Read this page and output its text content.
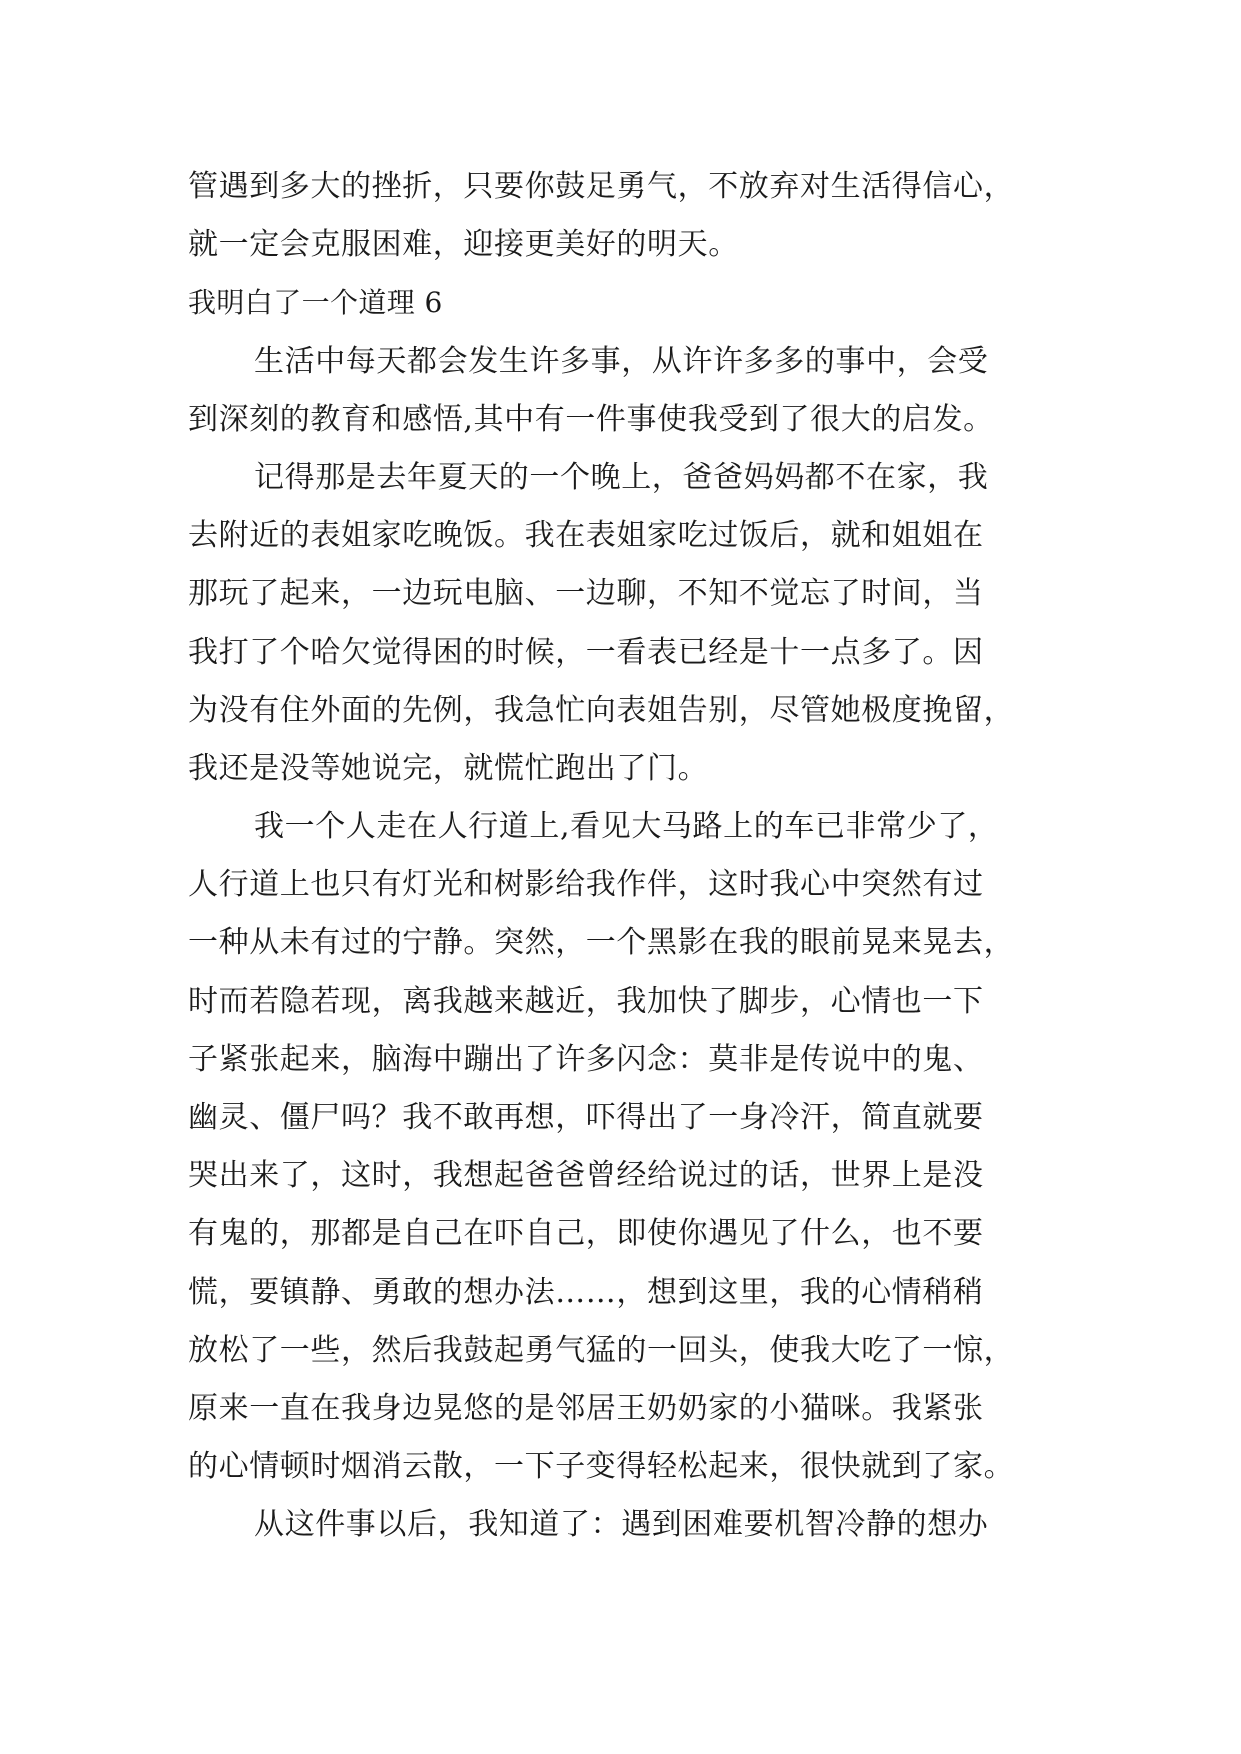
管遇到多大的挫折，只要你鼓足勇气，不放弃对生活得信心，
就一定会克服困难，迎接更美好的明天。
我明白了一个道理 6
生活中每天都会发生许多事，从许许多多的事中，会受
到深刻的教育和感悟,其中有一件事使我受到了很大的启发。
记得那是去年夏天的一个晚上，爸爸妈妈都不在家，我
去附近的表姐家吃晚饭。我在表姐家吃过饭后，就和姐姐在
那玩了起来，一边玩电脑、一边聊，不知不觉忘了时间，当
我打了个哈欠觉得困的时候，一看表已经是十一点多了。因
为没有住外面的先例，我急忙向表姐告别，尽管她极度挽留，
我还是没等她说完，就慌忙跑出了门。
我一个人走在人行道上,看见大马路上的车已非常少了，
人行道上也只有灯光和树影给我作伴，这时我心中突然有过
一种从未有过的宁静。突然，一个黑影在我的眼前晃来晃去，
时而若隐若现，离我越来越近，我加快了脚步，心情也一下
子紧张起来，脑海中蹦出了许多闪念：莫非是传说中的鬼、
幽灵、僵尸吗？我不敢再想，吓得出了一身冷汗，简直就要
哭出来了，这时，我想起爸爸曾经给说过的话，世界上是没
有鬼的，那都是自己在吓自己，即使你遇见了什么，也不要
慌，要镇静、勇敢的想办法……，想到这里，我的心情稍稍
放松了一些，然后我鼓起勇气猛的一回头，使我大吃了一惊，
原来一直在我身边晃悠的是邻居王奶奶家的小猫咪。我紧张
的心情顿时烟消云散，一下子变得轻松起来，很快就到了家。
从这件事以后，我知道了：遇到困难要机智冷静的想办
